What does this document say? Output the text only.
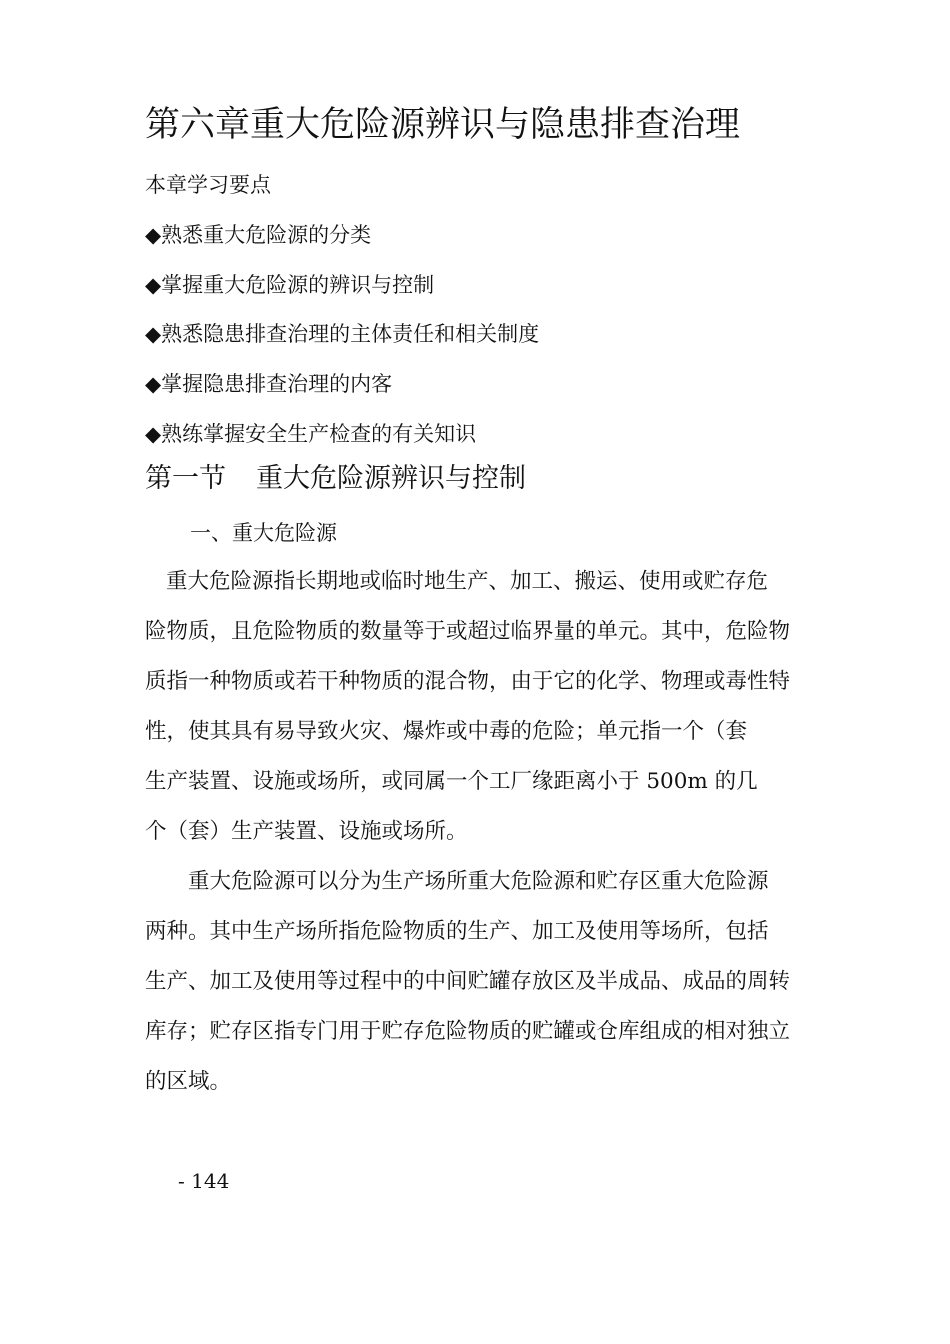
第六章重大危险源辨识与隐患排查治理
本章学习要点
◆熟悉重大危险源的分类
◆掌握重大危险源的辨识与控制
◆熟悉隐患排查治理的主体责任和相关制度
◆掌握隐患排查治理的内客
◆熟练掌握安全生产检查的有关知识
第一节 重大危险源辨识与控制
一、重大危险源
重大危险源指长期地或临时地生产、加工、搬运、使用或贮存危
险物质，且危险物质的数量等于或超过临界量的单元。其中，危险物
质指一种物质或若干种物质的混合物，由于它的化学、物理或毒性特
性，使其具有易导致火灾、爆炸或中毒的危险；单元指一个（套
生产装置、设施或场所，或同属一个工厂缘距离小于 500m 的几
个（套）生产装置、设施或场所。
重大危险源可以分为生产场所重大危险源和贮存区重大危险源
两种。其中生产场所指危险物质的生产、加工及使用等场所，包括
生产、加工及使用等过程中的中间贮罐存放区及半成品、成品的周转
库存；贮存区指专门用于贮存危险物质的贮罐或仓库组成的相对独立
的区域。
- 144
